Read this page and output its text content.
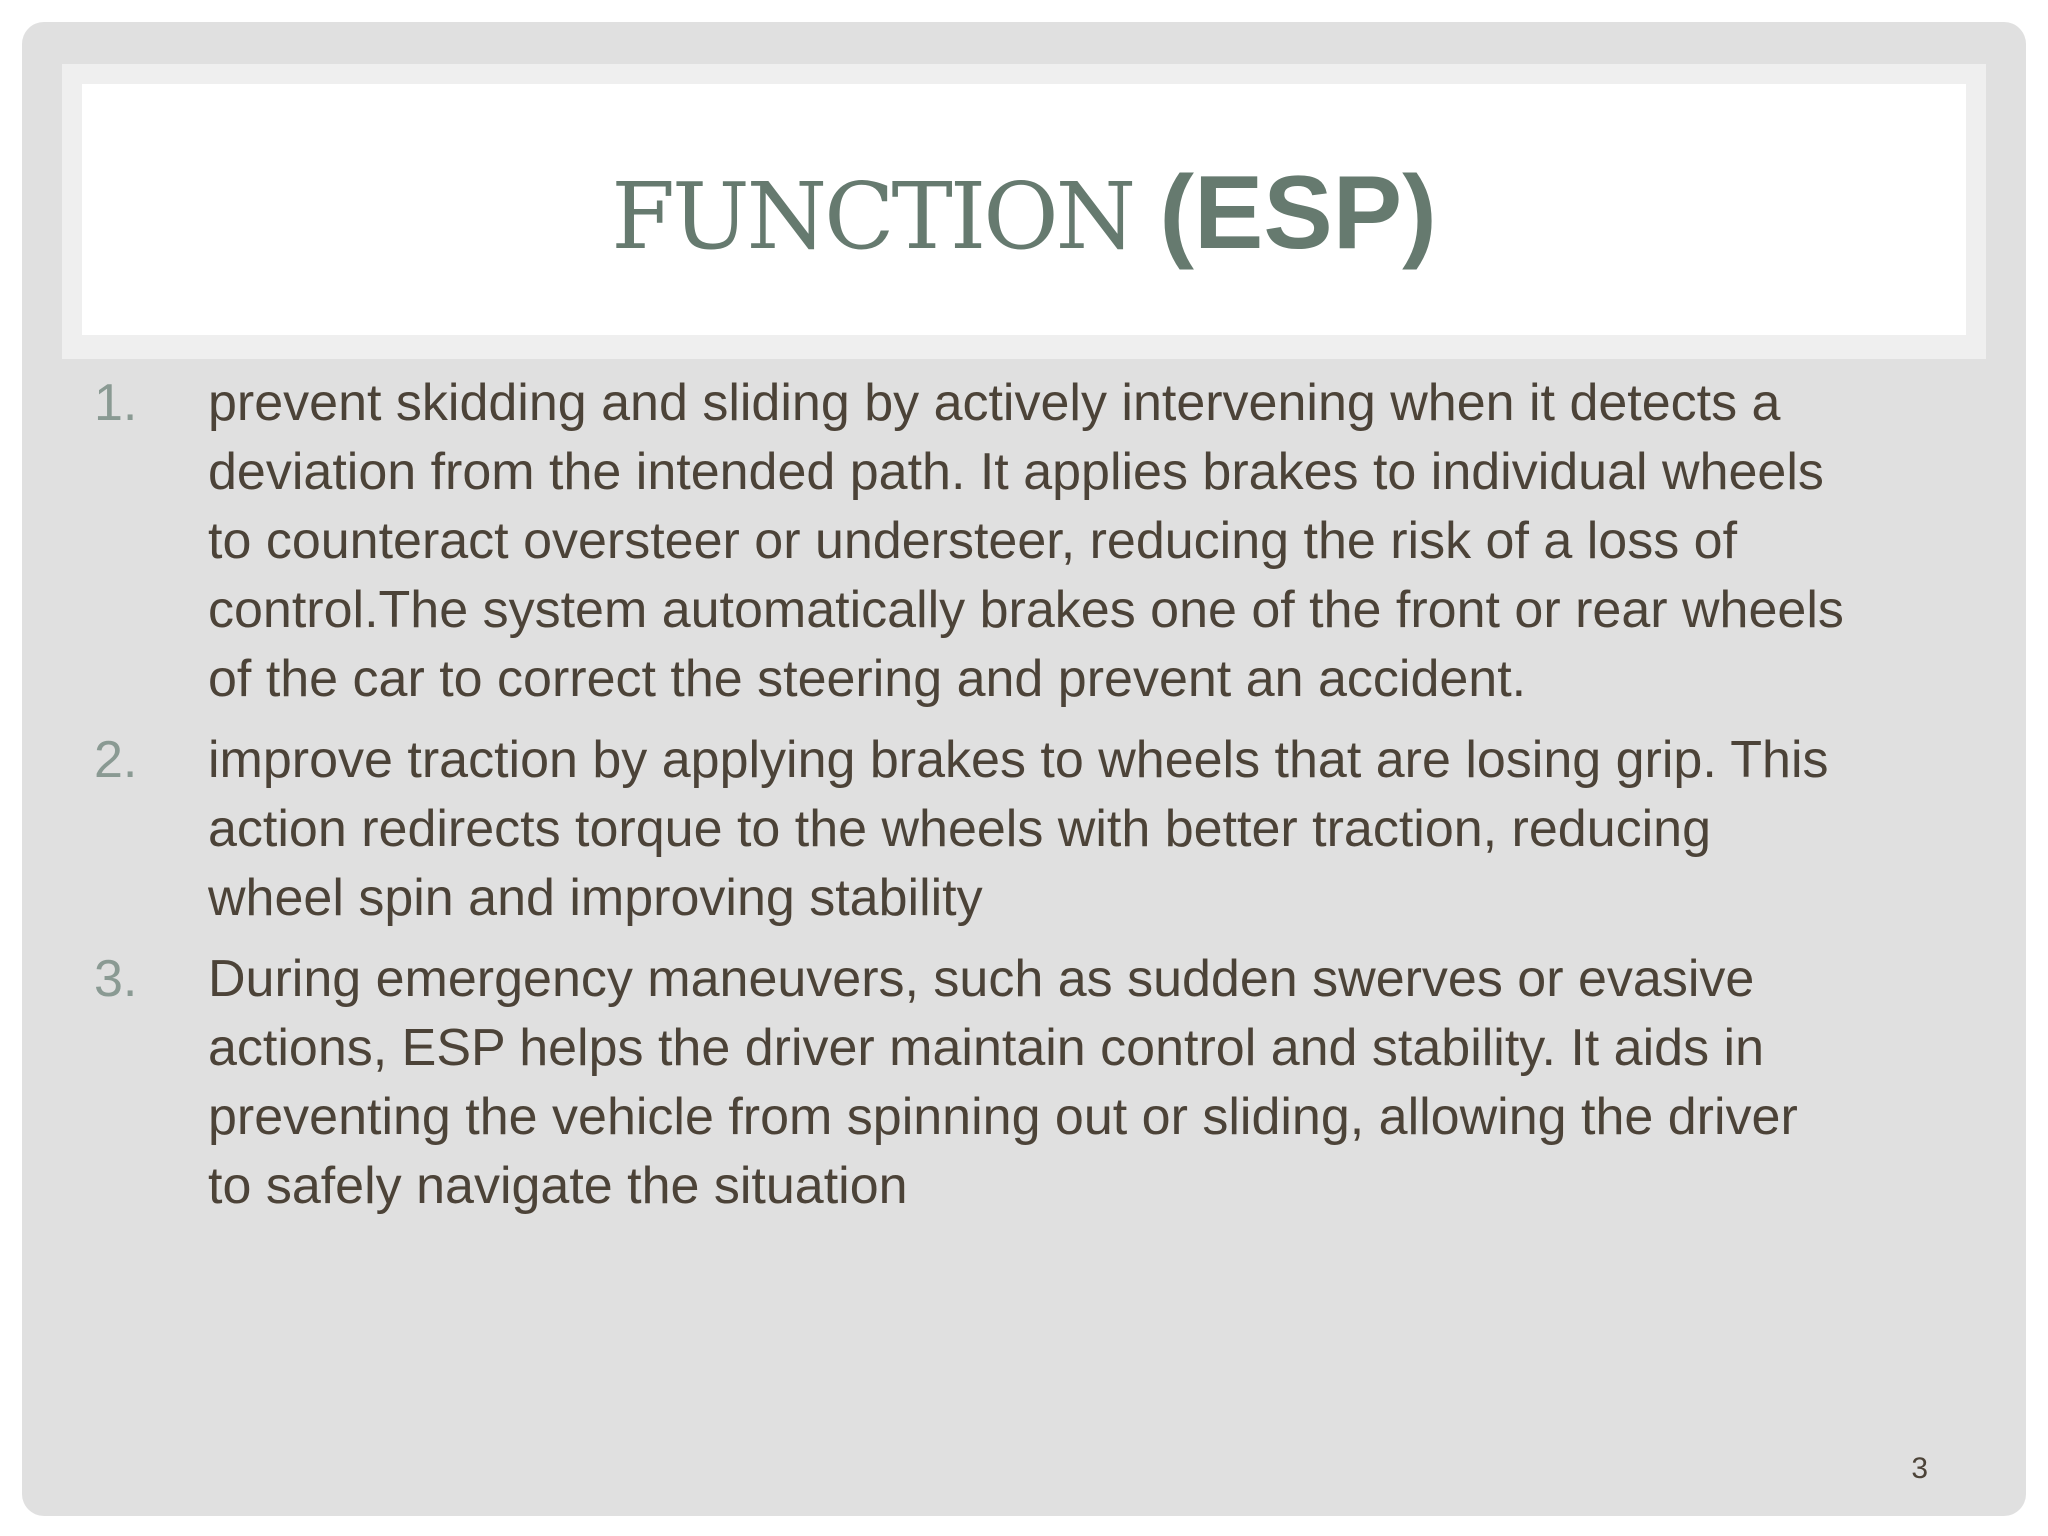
FUNCTION (ESP)
1.	prevent skidding and sliding by actively intervening when it detects a
deviation from the intended path. It applies brakes to individual wheels
to counteract oversteer or understeer, reducing the risk of a loss of
control.The system automatically brakes one of the front or rear wheels
of the car to correct the steering and prevent an accident.
2.	improve traction by applying brakes to wheels that are losing grip. This
action redirects torque to the wheels with better traction, reducing
wheel spin and improving stability
3.	During emergency maneuvers, such as sudden swerves or evasive
actions, ESP helps the driver maintain control and stability. It aids in
preventing the vehicle from spinning out or sliding, allowing the driver
to safely navigate the situation
3
